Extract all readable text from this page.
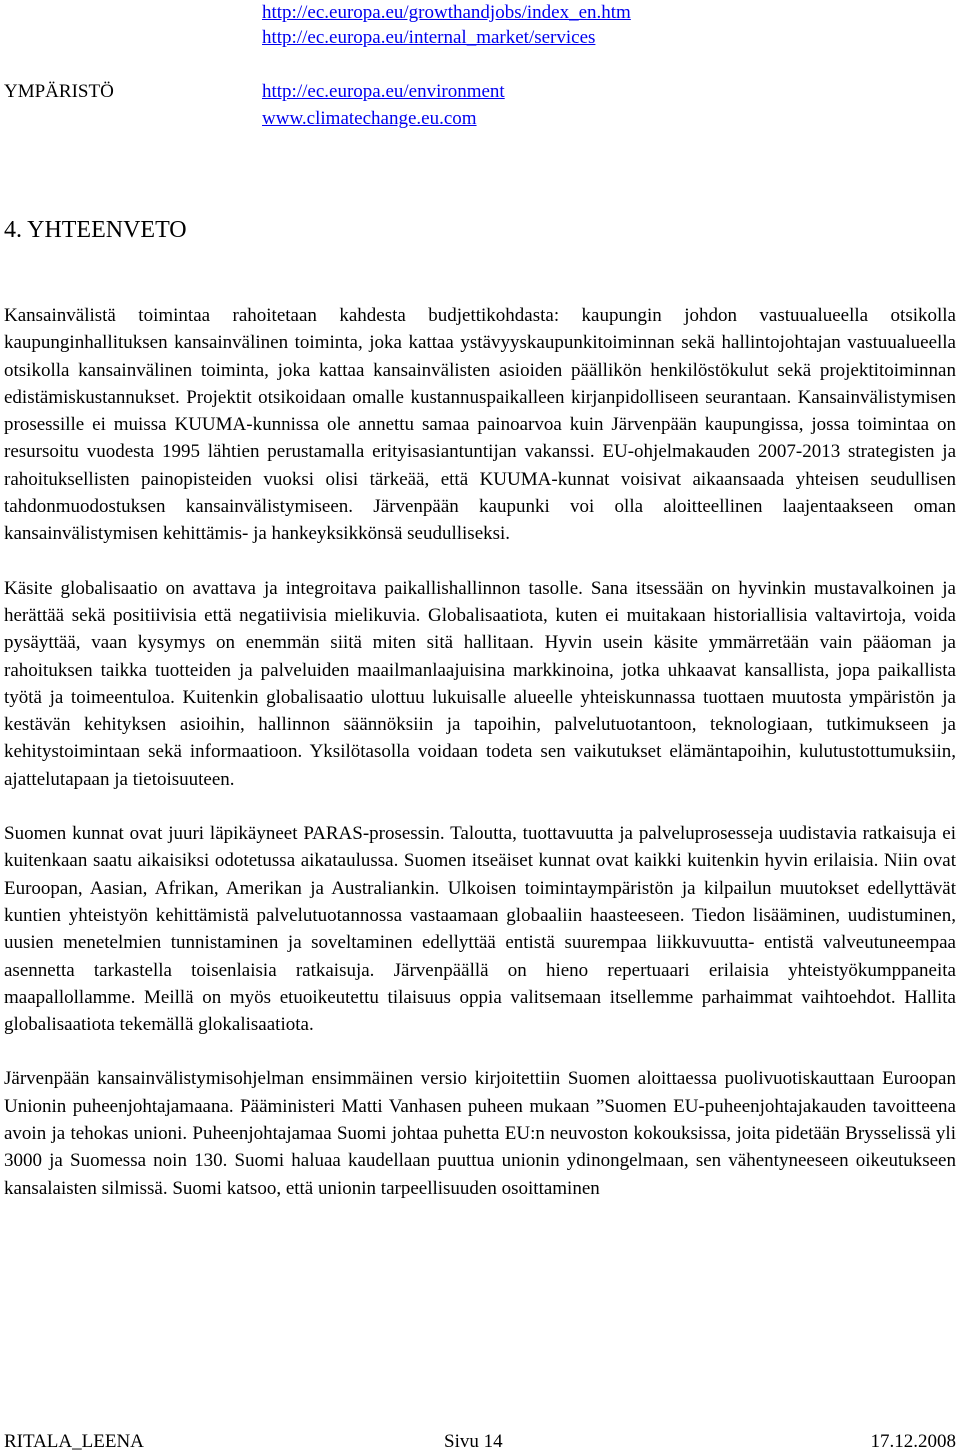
http://ec.europa.eu/growthandjobs/index_en.htm
http://ec.europa.eu/internal_market/services
YMPÄRISTÖ	http://ec.europa.eu/environment
www.climatechange.eu.com
4. YHTEENVETO

Kansainvälistä toimintaa rahoitetaan kahdesta budjettikohdasta: kaupungin johdon vastuualueella otsikolla kaupunginhallituksen kansainvälinen toiminta, joka kattaa ystävyyskaupunkitoiminnan sekä hallintojohtajan vastuualueella otsikolla kansainvälinen toiminta, joka kattaa kansainvälisten asioiden päällikön henkilöstökulut sekä projektitoiminnan edistämiskustannukset. Projektit otsikoidaan omalle kustannuspaikalleen kirjanpidolliseen seurantaan. Kansainvälistymisen prosessille ei muissa KUUMA-kunnissa ole annettu samaa painoarvoa kuin Järvenpään kaupungissa, jossa toimintaa on resursoitu vuodesta 1995 lähtien perustamalla erityisasiantuntijan vakanssi. EU-ohjelmakauden 2007-2013 strategisten ja rahoituksellisten painopisteiden vuoksi olisi tärkeää, että KUUMA-kunnat voisivat aikaansaada yhteisen seudullisen tahdonmuodostuksen kansainvälistymiseen. Järvenpään kaupunki voi olla aloitteellinen laajentaakseen oman kansainvälistymisen kehittämis- ja hankeyksikkönsä seudulliseksi.

Käsite globalisaatio on avattava ja integroitava paikallishallinnon tasolle. Sana itsessään on hyvinkin mustavalkoinen ja herättää sekä positiivisia että negatiivisia mielikuvia. Globalisaatiota, kuten ei muitakaan historiallisia valtavirtoja, voida pysäyttää, vaan kysymys on enemmän siitä miten sitä hallitaan. Hyvin usein käsite ymmärretään vain pääoman ja rahoituksen taikka tuotteiden ja palveluiden maailmanlaajuisina markkinoina, jotka uhkaavat kansallista, jopa paikallista työtä ja toimeentuloa. Kuitenkin globalisaatio ulottuu lukuisalle alueelle yhteiskunnassa tuottaen muutosta ympäristön ja kestävän kehityksen asioihin, hallinnon säännöksiin ja tapoihin, palvelutuotantoon, teknologiaan, tutkimukseen ja kehitystoimintaan sekä informaatioon. Yksilötasolla voidaan todeta sen vaikutukset elämäntapoihin, kulutustottumuksiin, ajattelutapaan ja tietoisuuteen.

Suomen kunnat ovat juuri läpikäyneet PARAS-prosessin. Taloutta, tuottavuutta ja palveluprosesseja uudistavia ratkaisuja ei kuitenkaan saatu aikaisiksi odotetussa aikataulussa. Suomen itseäiset kunnat ovat kaikki kuitenkin hyvin erilaisia. Niin ovat Euroopan, Aasian, Afrikan, Amerikan ja Australiankin. Ulkoisen toimintaympäristön ja kilpailun muutokset edellyttävät kuntien yhteistyön kehittämistä palvelutuotannossa vastaamaan globaaliin haasteeseen. Tiedon lisääminen, uudistuminen, uusien menetelmien tunnistaminen ja soveltaminen edellyttää entistä suurempaa liikkuvuutta- entistä valveutuneempaa asennetta tarkastella toisenlaisia ratkaisuja. Järvenpäällä on hieno repertuaari erilaisia yhteistyökumppaneita maapallollamme. Meillä on myös etuoikeutettu tilaisuus oppia valitsemaan itsellemme parhaimmat vaihtoehdot. Hallita globalisaatiota tekemällä glokalisaatiota.

Järvenpään kansainvälistymisohjelman ensimmäinen versio kirjoitettiin Suomen aloittaessa puolivuotiskauttaan Euroopan Unionin puheenjohtajamaana. Pääministeri Matti Vanhasen puheen mukaan ”Suomen EU-puheenjohtajakauden tavoitteena avoin ja tehokas unioni. Puheenjohtajamaa Suomi johtaa puhetta EU:n neuvoston kokouksissa, joita pidetään Brysselissä yli 3000 ja Suomessa noin 130. Suomi haluaa kaudellaan puuttua unionin ydinongelmaan, sen vähentyneeseen oikeutukseen kansalaisten silmissä. Suomi katsoo, että unionin tarpeellisuuden osoittaminen

RITALA_LEENA	Sivu 14	17.12.2008
